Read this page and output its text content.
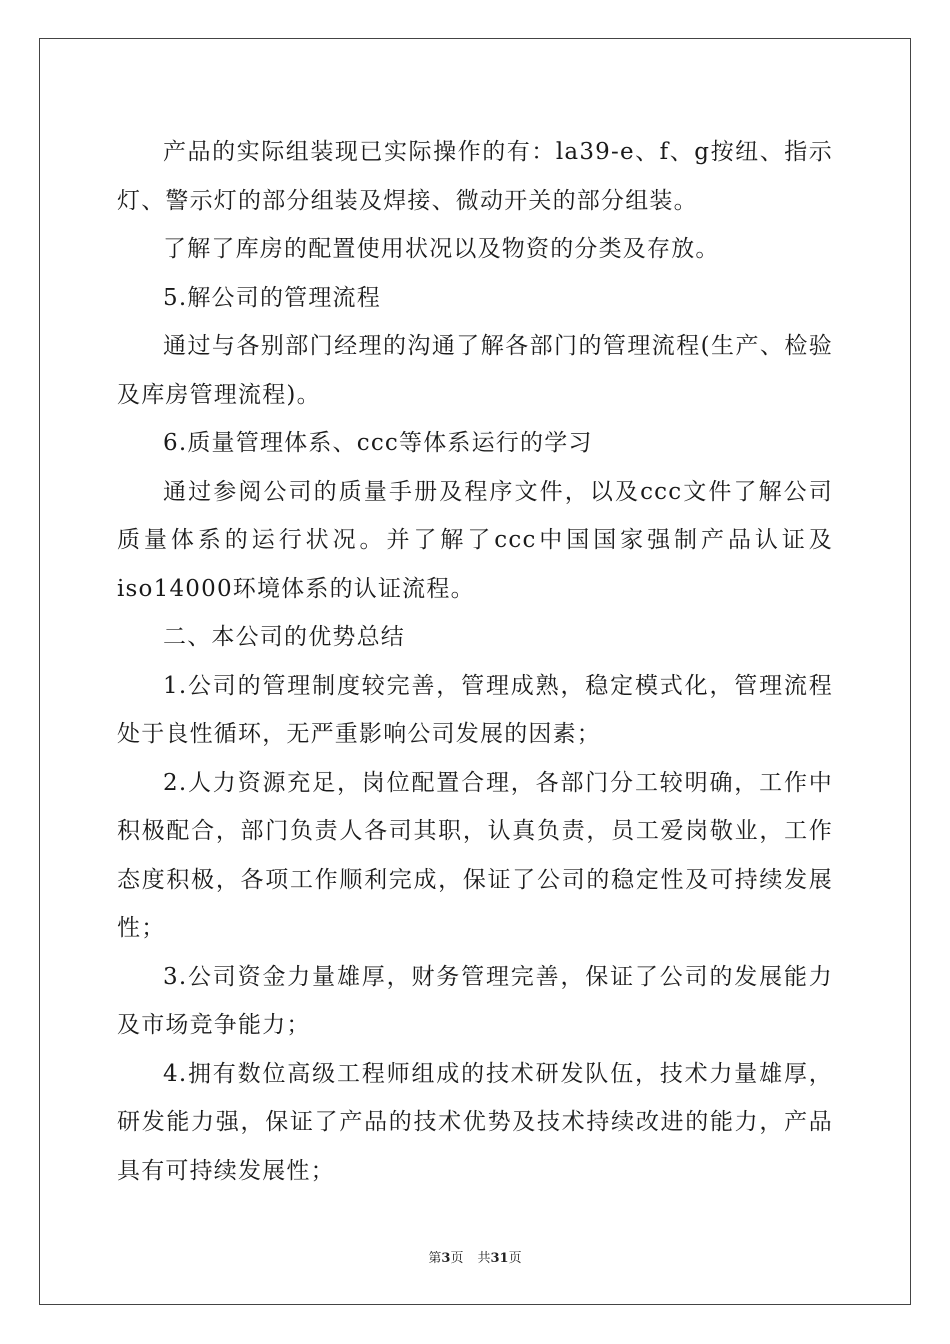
产品的实际组装现已实际操作的有：la39-e、f、g按纽、指示灯、警示灯的部分组装及焊接、微动开关的部分组装。

了解了库房的配置使用状况以及物资的分类及存放。

5.解公司的管理流程

通过与各别部门经理的沟通了解各部门的管理流程(生产、检验及库房管理流程)。

6.质量管理体系、ccc等体系运行的学习

通过参阅公司的质量手册及程序文件，以及ccc文件了解公司质量体系的运行状况。并了解了ccc中国国家强制产品认证及iso14000环境体系的认证流程。

二、本公司的优势总结

1.公司的管理制度较完善，管理成熟，稳定模式化，管理流程处于良性循环，无严重影响公司发展的因素；

2.人力资源充足，岗位配置合理，各部门分工较明确，工作中积极配合，部门负责人各司其职，认真负责，员工爱岗敬业，工作态度积极，各项工作顺利完成，保证了公司的稳定性及可持续发展性；

3.公司资金力量雄厚，财务管理完善，保证了公司的发展能力及市场竞争能力；

4.拥有数位高级工程师组成的技术研发队伍，技术力量雄厚，研发能力强，保证了产品的技术优势及技术持续改进的能力，产品具有可持续发展性；

第3页 共31页
